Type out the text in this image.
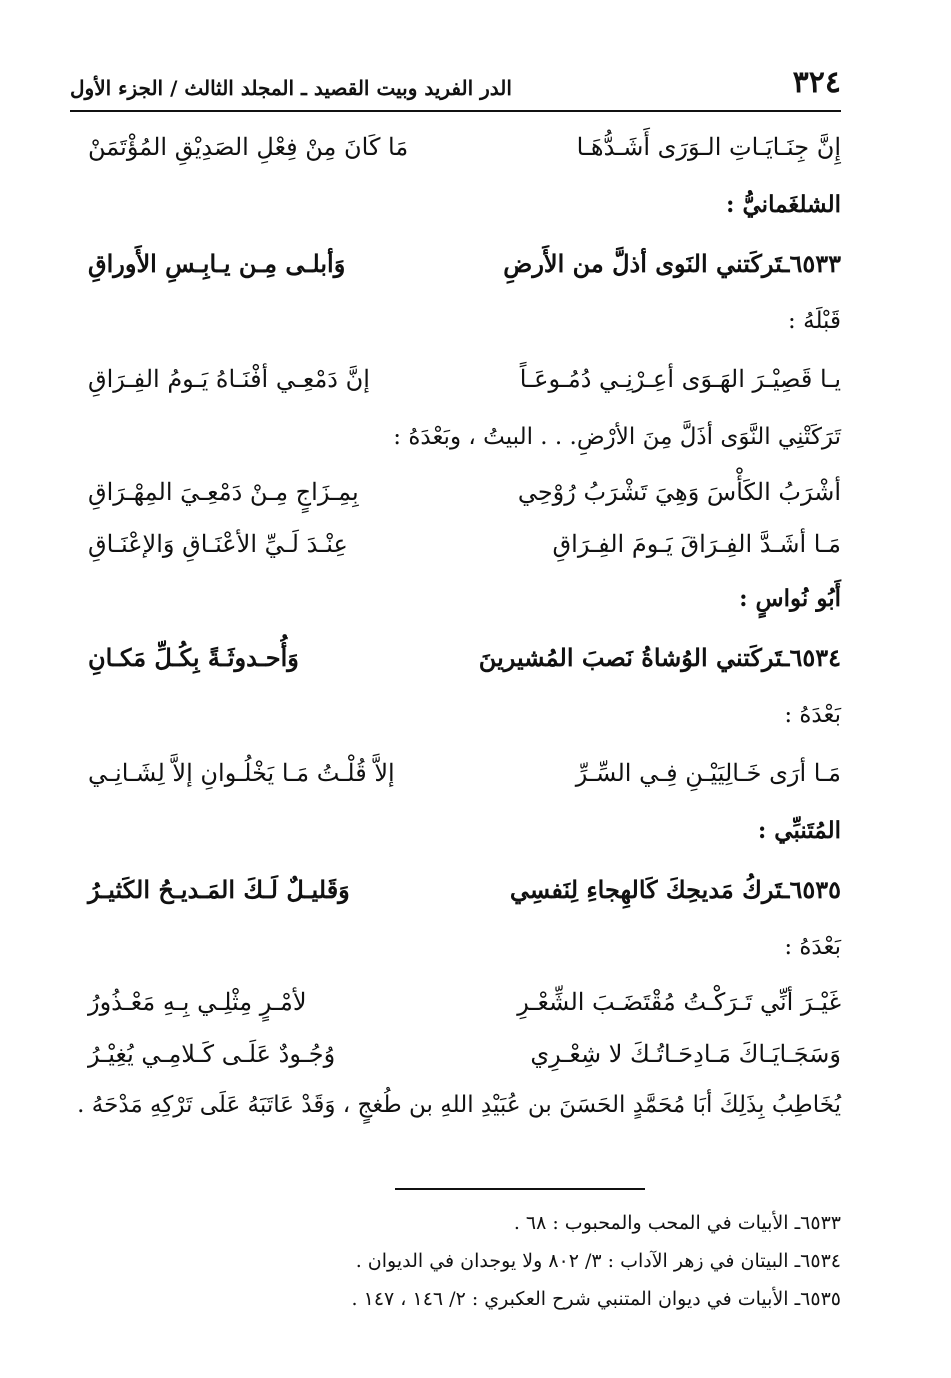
٣٢٤
الدر الفريد وبيت القصيد ـ المجلد الثالث / الجزء الأول
إِنَّ جِنَـايَـاتِ الـوَرَى أَشَـدُّهَـا
مَا كَانَ مِنْ فِعْلِ الصَدِيْقِ المُؤْتَمَنْ
الشلغَمانيُّ :
٦٥٣٣ـتَركَتني النَوى أذلَّ من الأَرضِ
وَأبلـى مِـن يـابِـسِ الأَوراقِ
قَبْلَهُ :
يـا قَصِيْـرَ الهَـوَى أعِـرْنِـي دُمُـوعَـاً
إنَّ دَمْعِـي أفْنَـاهُ يَـومُ الفِـرَاقِ
تَرَكَتْنِي النَّوَى أذَلَّ مِنَ الأرْضِ. . . البيتُ ، وبَعْدَهُ :
أشْرَبُ الكَأْسَ وَهِيَ تَشْرَبُ رُوْحِي
بِمِـزَاجٍ مِـنْ دَمْعِـيَ المِهْـرَاقِ
مَـا أشَـدَّ الفِـرَاقَ يَـومَ الفِـرَاقِ
عِنْـدَ لَـيِّ الأعْنَـاقِ وَالإعْنَـاقِ
أَبُو نُواسٍ :
٦٥٣٤ـتَركَتني الوُشاةُ نَصبَ المُشيرينَ
وَأُحـدوثَـةً بِكُـلِّ مَكـانِ
بَعْدَهُ :
مَـا أرَى خَـالِيَيْـنِ فِـي السِّـرِّ
إلاَّ قُلْـتُ مَـا يَخْلُـوانِ إلاَّ لِشَـانِـي
المُتَنبِّي :
٦٥٣٥ـتَركُ مَديحِكَ كَالهِجاءِ لِنَفسِي
وَقَليـلٌ لَـكَ المَـديـحُ الكَثيـرُ
بَعْدَهُ :
غَيْـرَ أنِّي تَـرَكْـتُ مُقْتَضَـبَ الشِّعْـرِ
لأمْـرٍ مِثْلِـي بِـهِ مَعْـذُورُ
وَسَجَـايَـاكَ مَـادِحَـاتُـكَ لا شِعْـرِي
وُجُـودٌ عَلَـى كَـلامِـي يُغِيْـرُ
يُخَاطِبُ بِذَلِكَ أبَا مُحَمَّدٍ الحَسَنَ بن عُبَيْدِ اللهِ بن طُغجٍ ، وَقَدْ عَاتَبَهُ عَلَى تَرْكِهِ مَدْحَهُ .
٦٥٣٣ـ الأبيات في المحب والمحبوب : ٦٨ .
٦٥٣٤ـ البيتان في زهر الآداب : ٣/ ٨٠٢ ولا يوجدان في الديوان .
٦٥٣٥ـ الأبيات في ديوان المتنبي شرح العكبري : ٢/ ١٤٦ ، ١٤٧ .
